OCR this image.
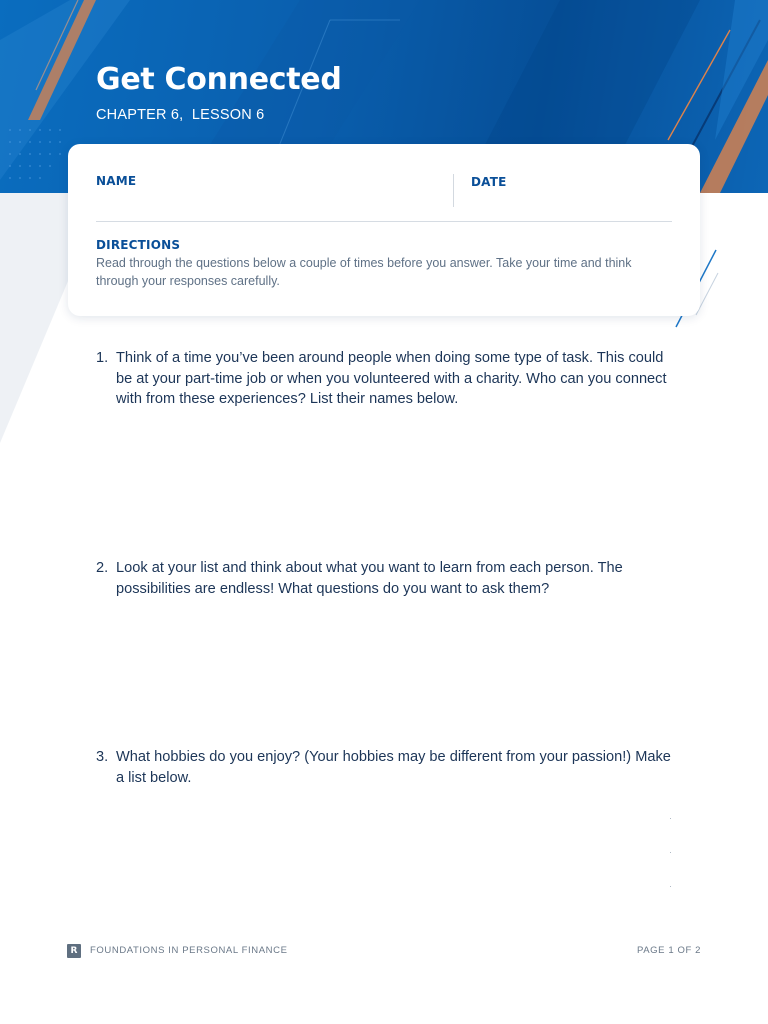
Get Connected
CHAPTER 6,  LESSON 6
NAME	DATE
DIRECTIONS
Read through the questions below a couple of times before you answer. Take your time and think through your responses carefully.
1. Think of a time you’ve been around people when doing some type of task. This could be at your part-time job or when you volunteered with a charity. Who can you connect with from these experiences? List their names below.
2. Look at your list and think about what you want to learn from each person. The possibilities are endless! What questions do you want to ask them?
3. What hobbies do you enjoy? (Your hobbies may be different from your passion!) Make a list below.
R	FOUNDATIONS IN PERSONAL FINANCE	PAGE 1 OF 2
